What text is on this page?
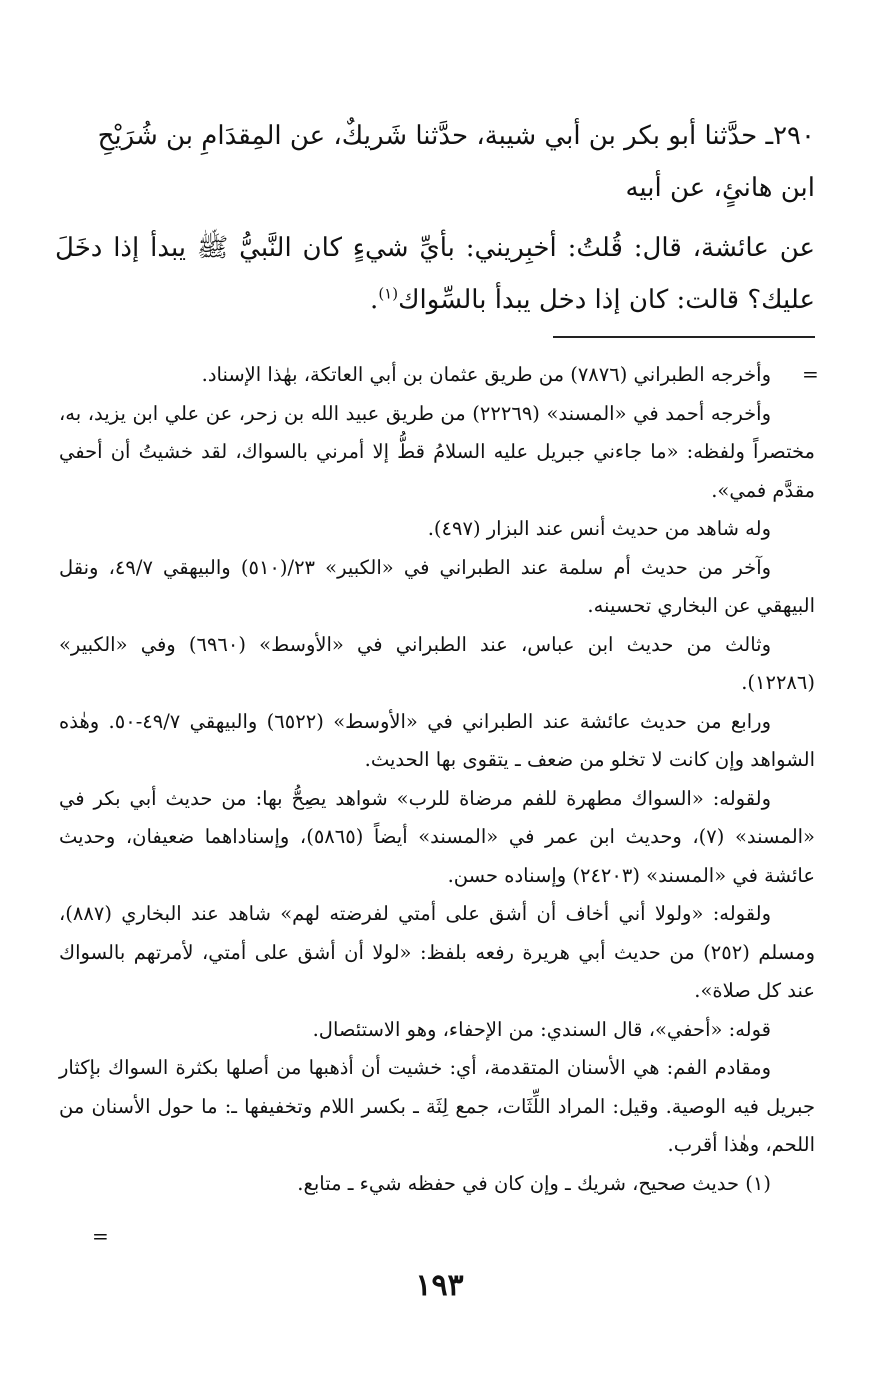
٢٩٠ـ حدَّثنا أبو بكر بن أبي شيبة، حدَّثنا شَريكٌ، عن المِقدَامِ بن شُرَيْحِ
ابن هانئٍ، عن أبيه

عن عائشة، قال: قُلتُ: أخبِريني: بأيِّ شيءٍ كان النَّبيُّ ﷺ يبدأ إذا دخَلَ عليك؟ قالت: كان إذا دخل يبدأ بالسِّواك$^{(١)}$.

=

وأخرجه الطبراني (٧٨٧٦) من طريق عثمان بن أبي العاتكة، بهٰذا الإسناد.

وأخرجه أحمد في «المسند» (٢٢٢٦٩) من طريق عبيد الله بن زحر، عن علي ابن يزيد، به، مختصراً ولفظه: «ما جاءني جبريل عليه السلامُ قطُّ إلا أمرني بالسواك، لقد خشيتُ أن أحفي مقدَّم فمي».

وله شاهد من حديث أنس عند البزار (٤٩٧).

وآخر من حديث أم سلمة عند الطبراني في «الكبير» ٢٣/(٥١٠) والبيهقي ٤٩/٧، ونقل البيهقي عن البخاري تحسينه.

وثالث من حديث ابن عباس، عند الطبراني في «الأوسط» (٦٩٦٠) وفي «الكبير» (١٢٢٨٦).

ورابع من حديث عائشة عند الطبراني في «الأوسط» (٦٥٢٢) والبيهقي ٤٩/٧-٥٠. وهٰذه الشواهد وإن كانت لا تخلو من ضعف ـ يتقوى بها الحديث.

ولقوله: «السواك مطهرة للفم مرضاة للرب» شواهد يصِحُّ بها: من حديث أبي بكر في «المسند» (٧)، وحديث ابن عمر في «المسند» أيضاً (٥٨٦٥)، وإسناداهما ضعيفان، وحديث عائشة في «المسند» (٢٤٢٠٣) وإسناده حسن.

ولقوله: «ولولا أني أخاف أن أشق على أمتي لفرضته لهم» شاهد عند البخاري (٨٨٧)، ومسلم (٢٥٢) من حديث أبي هريرة رفعه بلفظ: «لولا أن أشق على أمتي، لأمرتهم بالسواك عند كل صلاة».

قوله: «أحفي»، قال السندي: من الإحفاء، وهو الاستئصال.

ومقادم الفم: هي الأسنان المتقدمة، أي: خشيت أن أذهبها من أصلها بكثرة السواك بإكثار جبريل فيه الوصية. وقيل: المراد اللِّثَات، جمع لِثَة ـ بكسر اللام وتخفيفها ـ: ما حول الأسنان من اللحم، وهٰذا أقرب.

(١) حديث صحيح، شريك ـ وإن كان في حفظه شيء ـ متابع.

=
١٩٣
